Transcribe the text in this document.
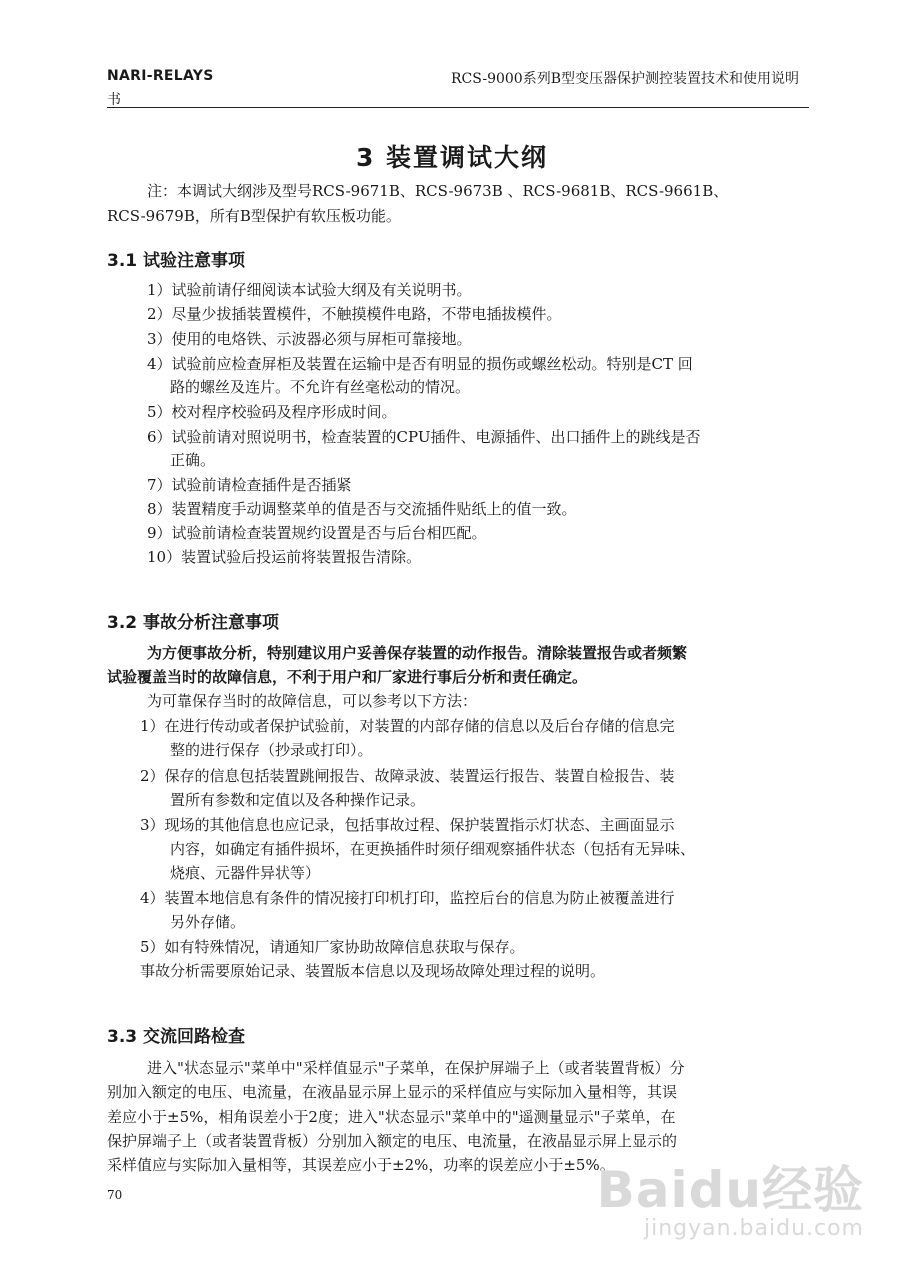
NARI-RELAYS
书
RCS-9000系列B型变压器保护测控装置技术和使用说明
3 装置调试大纲
注：本调试大纲涉及型号RCS-9671B、RCS-9673B 、RCS-9681B、RCS-9661B、
RCS-9679B，所有B型保护有软压板功能。
3.1 试验注意事项
1）试验前请仔细阅读本试验大纲及有关说明书。
2）尽量少拔插装置模件，不触摸模件电路，不带电插拔模件。
3）使用的电烙铁、示波器必须与屏柜可靠接地。
4）试验前应检查屏柜及装置在运输中是否有明显的损伤或螺丝松动。特别是CT 回
路的螺丝及连片。不允许有丝毫松动的情况。
5）校对程序校验码及程序形成时间。
6）试验前请对照说明书，检查装置的CPU插件、电源插件、出口插件上的跳线是否
正确。
7）试验前请检查插件是否插紧
8）装置精度手动调整菜单的值是否与交流插件贴纸上的值一致。
9）试验前请检查装置规约设置是否与后台相匹配。
10）装置试验后投运前将装置报告清除。
3.2 事故分析注意事项
为方便事故分析，特别建议用户妥善保存装置的动作报告。清除装置报告或者频繁
试验覆盖当时的故障信息，不利于用户和厂家进行事后分析和责任确定。
为可靠保存当时的故障信息，可以参考以下方法：
1）在进行传动或者保护试验前，对装置的内部存储的信息以及后台存储的信息完
整的进行保存（抄录或打印）。
2）保存的信息包括装置跳闸报告、故障录波、装置运行报告、装置自检报告、装
置所有参数和定值以及各种操作记录。
3）现场的其他信息也应记录，包括事故过程、保护装置指示灯状态、主画面显示
内容，如确定有插件损坏，在更换插件时须仔细观察插件状态（包括有无异味、
烧痕、元器件异状等）
4）装置本地信息有条件的情况接打印机打印，监控后台的信息为防止被覆盖进行
另外存储。
5）如有特殊情况，请通知厂家协助故障信息获取与保存。
事故分析需要原始记录、装置版本信息以及现场故障处理过程的说明。
3.3 交流回路检查
进入"状态显示"菜单中"采样值显示"子菜单，在保护屏端子上（或者装置背板）分
别加入额定的电压、电流量，在液晶显示屏上显示的采样值应与实际加入量相等，其误
差应小于±5%，相角误差小于2度；进入"状态显示"菜单中的"遥测量显示"子菜单，在
保护屏端子上（或者装置背板）分别加入额定的电压、电流量，在液晶显示屏上显示的
采样值应与实际加入量相等，其误差应小于±2%，功率的误差应小于±5%。
70	Baidu经验
jingyan.baidu.com
